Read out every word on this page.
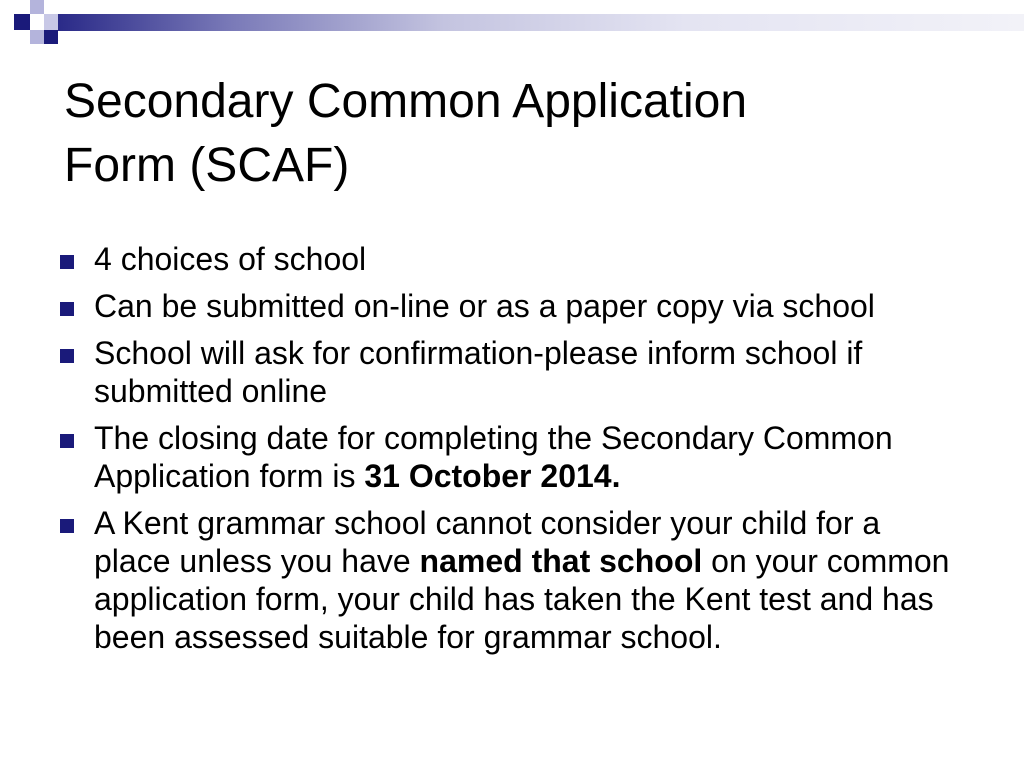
Secondary Common Application
Form (SCAF)
4 choices of school
Can be submitted on-line or as a paper copy via school
School will ask for confirmation-please inform school if submitted online
The closing date for completing the Secondary Common Application form is 31 October 2014.
A Kent grammar school cannot consider your child for a place unless you have named that school on your common application form, your child has taken the Kent test and has been assessed suitable for grammar school.
